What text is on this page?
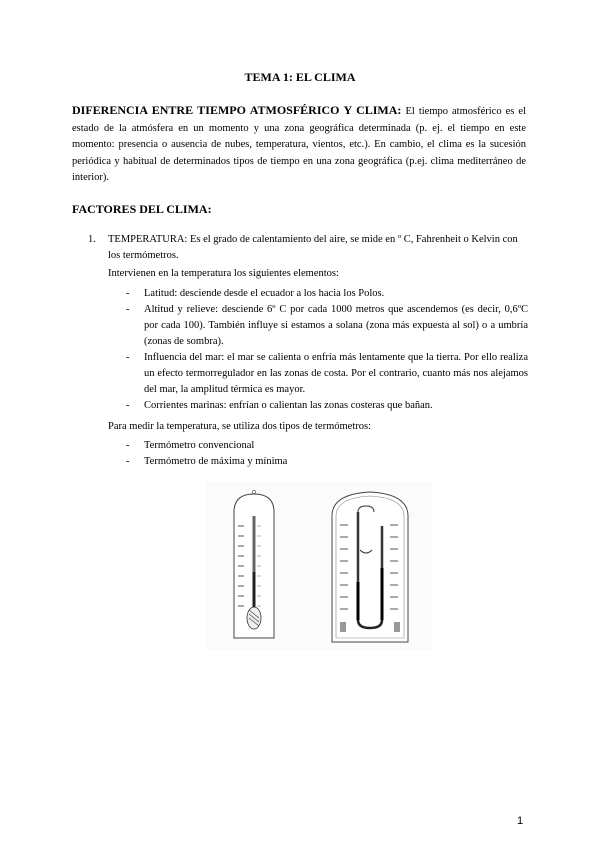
TEMA 1: EL CLIMA
DIFERENCIA ENTRE TIEMPO ATMOSFÉRICO Y CLIMA: El tiempo atmosférico es el estado de la atmósfera en un momento y una zona geográfica determinada (p. ej. el tiempo en este momento: presencia o ausencia de nubes, temperatura, vientos, etc.). En cambio, el clima es la sucesión periódica y habitual de determinados tipos de tiempo en una zona geográfica (p.ej. clima mediterráneo de interior).
FACTORES DEL CLIMA:
1. TEMPERATURA: Es el grado de calentamiento del aire, se mide en º C, Fahrenheit o Kelvin con los termómetros.
Intervienen en la temperatura los siguientes elementos:
- Latitud: desciende desde el ecuador a los hacia los Polos.
- Altitud y relieve: desciende 6º C por cada 1000 metros que ascendemos (es decir, 0,6ºC por cada 100). También influye si estamos a solana (zona más expuesta al sol) o a umbría (zonas de sombra).
- Influencia del mar: el mar se calienta o enfría más lentamente que la tierra. Por ello realiza un efecto termorregulador en las zonas de costa. Por el contrario, cuanto más nos alejamos del mar, la amplitud térmica es mayor.
- Corrientes marinas: enfrían o calientan las zonas costeras que bañan.
Para medir la temperatura, se utiliza dos tipos de termómetros:
- Termómetro convencional
- Termómetro de máxima y mínima
1
